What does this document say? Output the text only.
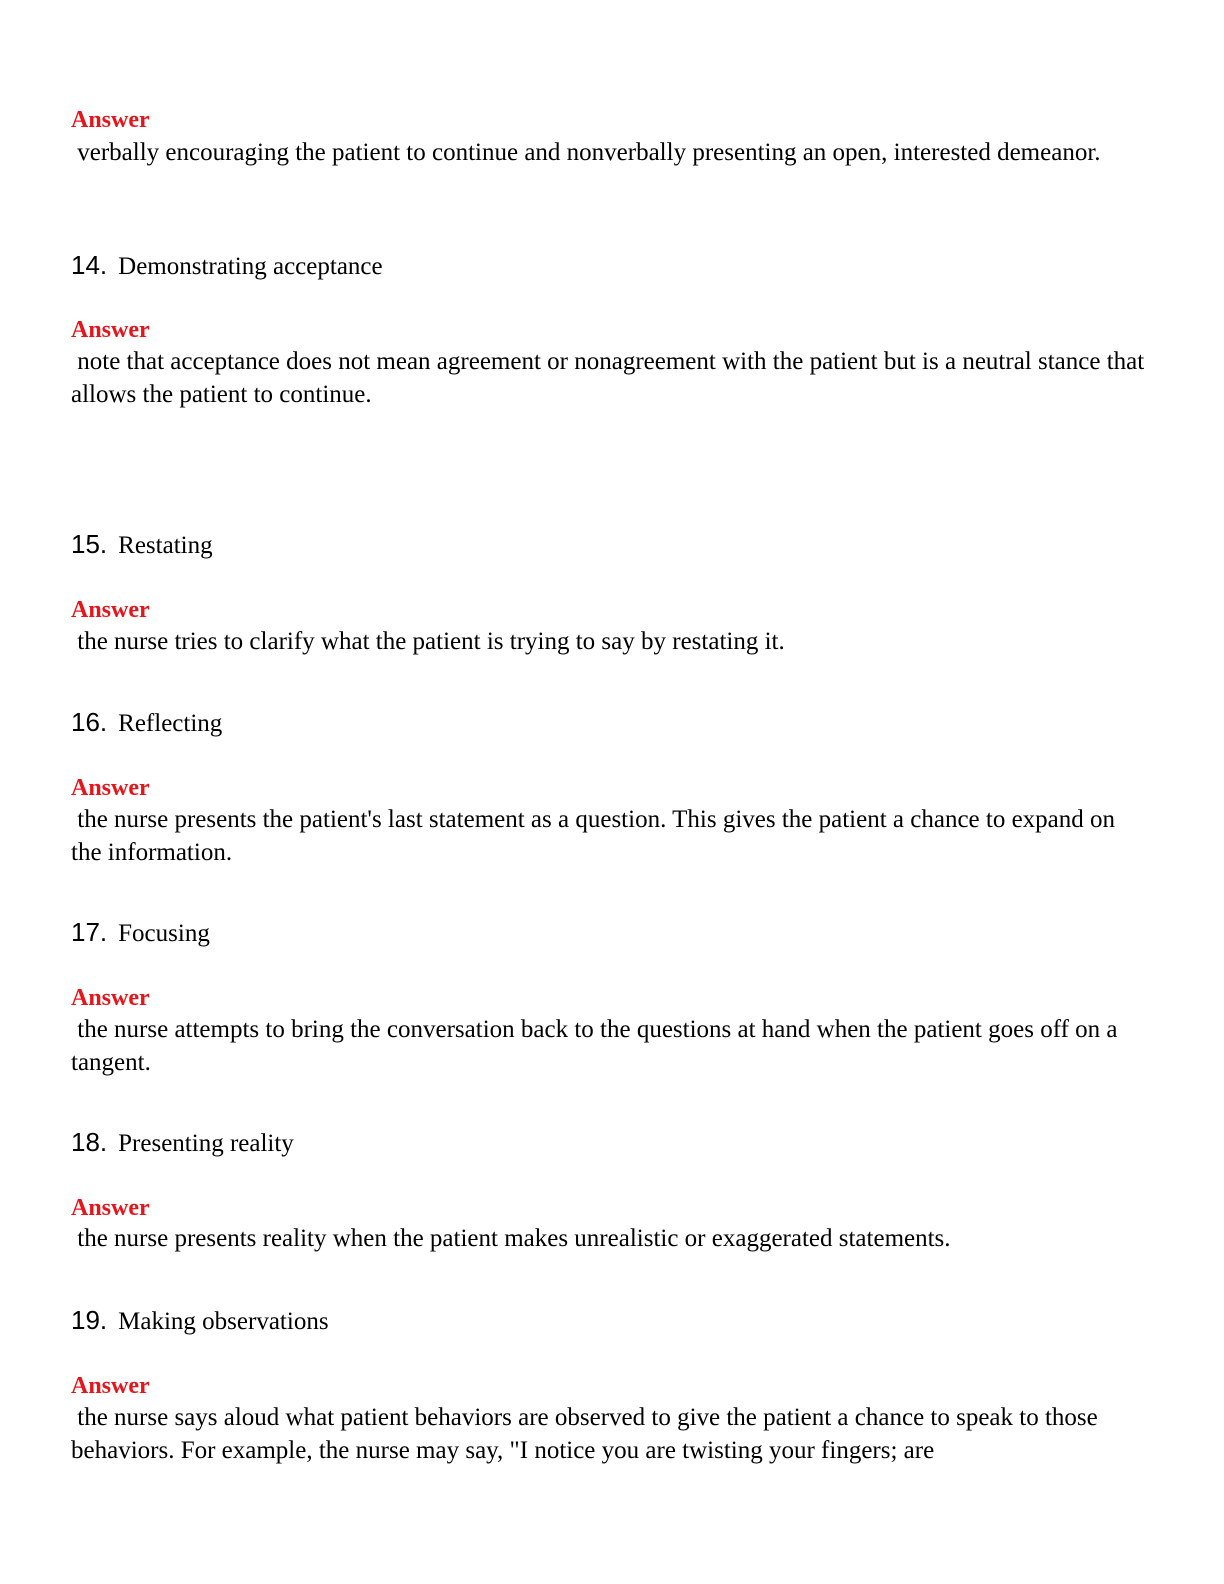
Answer
verbally encouraging the patient to continue and nonverbally presenting an open, interested demeanor.
14. Demonstrating acceptance
Answer
note that acceptance does not mean agreement or nonagreement with the patient but is a neutral stance that allows the patient to continue.
15. Restating
Answer
the nurse tries to clarify what the patient is trying to say by restating it.
16. Reflecting
Answer
the nurse presents the patient's last statement as a question. This gives the patient a chance to expand on the information.
17. Focusing
Answer
the nurse attempts to bring the conversation back to the questions at hand when the patient goes off on a tangent.
18. Presenting reality
Answer
the nurse presents reality when the patient makes unrealistic or exaggerated statements.
19. Making observations
Answer
the nurse says aloud what patient behaviors are observed to give the patient a chance to speak to those behaviors. For example, the nurse may say, "I notice you are twisting your fingers; are
